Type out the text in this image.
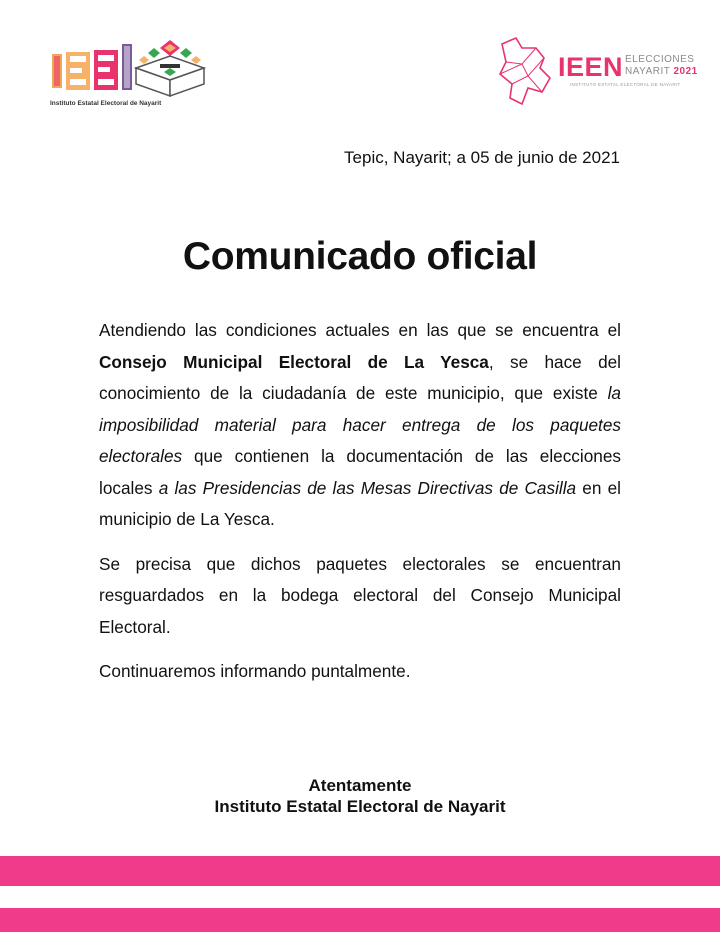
Instituto Estatal Electoral de Nayarit
IEEN ELECCIONES
NAYARIT 2021
INSTITUTO ESTATAL ELECTORAL DE NAYARIT
Tepic, Nayarit; a 05 de junio de 2021
Comunicado oficial

Atendiendo las condiciones actuales en las que se encuentra el Consejo Municipal Electoral de La Yesca, se hace del conocimiento de la ciudadanía de este municipio, que existe la imposibilidad material para hacer entrega de los paquetes electorales que contienen la documentación de las elecciones locales a las Presidencias de las Mesas Directivas de Casilla en el municipio de La Yesca.

Se precisa que dichos paquetes electorales se encuentran resguardados en la bodega electoral del Consejo Municipal Electoral.

Continuaremos informando puntalmente.

Atentamente
Instituto Estatal Electoral de Nayarit
